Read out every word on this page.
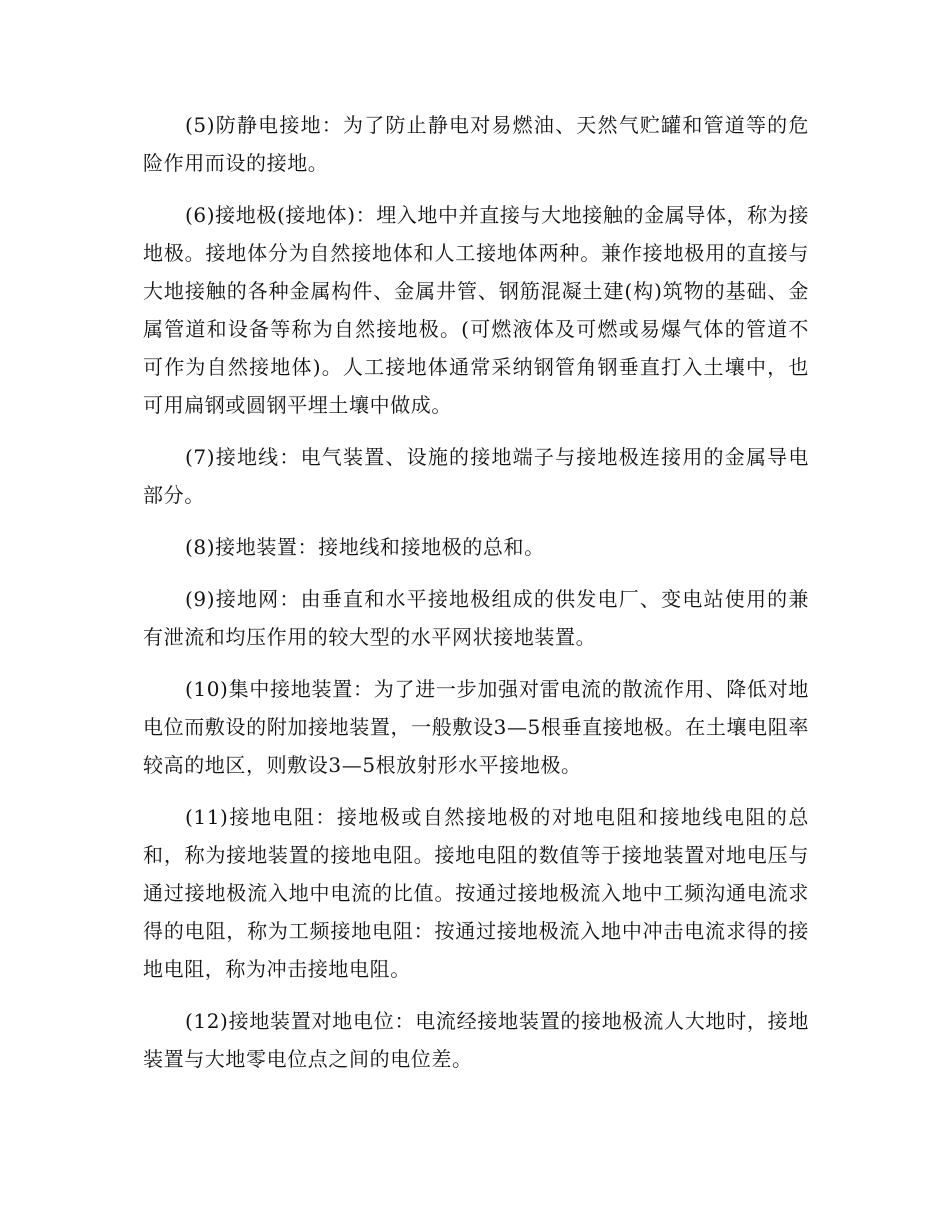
(5)防静电接地：为了防止静电对易燃油、天然气贮罐和管道等的危险作用而设的接地。

(6)接地极(接地体)：埋入地中并直接与大地接触的金属导体，称为接地极。接地体分为自然接地体和人工接地体两种。兼作接地极用的直接与大地接触的各种金属构件、金属井管、钢筋混凝土建(构)筑物的基础、金属管道和设备等称为自然接地极。(可燃液体及可燃或易爆气体的管道不可作为自然接地体)。人工接地体通常采纳钢管角钢垂直打入土壤中，也可用扁钢或圆钢平埋土壤中做成。

(7)接地线：电气装置、设施的接地端子与接地极连接用的金属导电部分。

(8)接地装置：接地线和接地极的总和。

(9)接地网：由垂直和水平接地极组成的供发电厂、变电站使用的兼有泄流和均压作用的较大型的水平网状接地装置。

(10)集中接地装置：为了进一步加强对雷电流的散流作用、降低对地电位而敷设的附加接地装置，一般敷设3—5根垂直接地极。在土壤电阻率较高的地区，则敷设3—5根放射形水平接地极。

(11)接地电阻：接地极或自然接地极的对地电阻和接地线电阻的总和，称为接地装置的接地电阻。接地电阻的数值等于接地装置对地电压与通过接地极流入地中电流的比值。按通过接地极流入地中工频沟通电流求得的电阻，称为工频接地电阻：按通过接地极流入地中冲击电流求得的接地电阻，称为冲击接地电阻。

(12)接地装置对地电位：电流经接地装置的接地极流人大地时，接地装置与大地零电位点之间的电位差。
